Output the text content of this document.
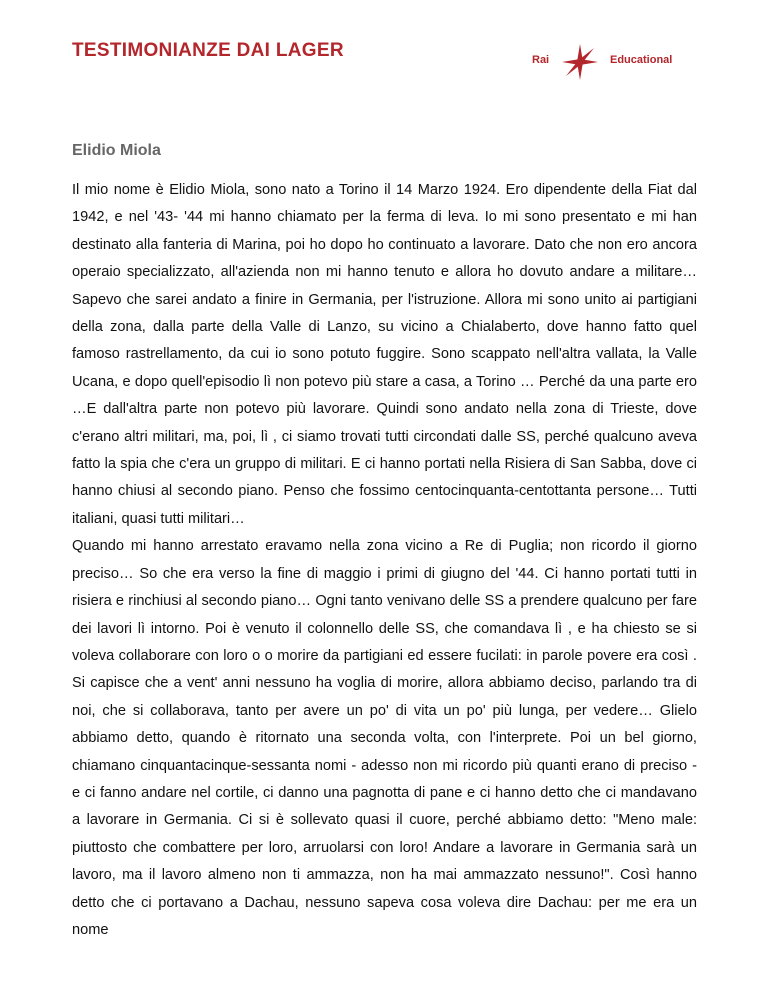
TESTIMONIANZE DAI LAGER	Rai	Educational
Elidio Miola

Il mio nome è Elidio Miola, sono nato a Torino il 14 Marzo 1924. Ero dipendente della Fiat dal 1942, e nel '43- '44 mi hanno chiamato per la ferma di leva. Io mi sono presentato e mi han destinato alla fanteria di Marina, poi ho dopo ho continuato a lavorare. Dato che non ero ancora operaio specializzato, all'azienda non mi hanno tenuto e allora ho dovuto andare a militare… Sapevo che sarei andato a finire in Germania, per l'istruzione. Allora mi sono unito ai partigiani della zona, dalla parte della Valle di Lanzo, su vicino a Chialaberto, dove hanno fatto quel famoso rastrellamento, da cui io sono potuto fuggire. Sono scappato nell'altra vallata, la Valle Ucana, e dopo quell'episodio lì non potevo più stare a casa, a Torino … Perché da una parte ero …E dall'altra parte non potevo più lavorare. Quindi sono andato nella zona di Trieste, dove c'erano altri militari, ma, poi, lì , ci siamo trovati tutti circondati dalle SS, perché qualcuno aveva fatto la spia che c'era un gruppo di militari. E ci hanno portati nella Risiera di San Sabba, dove ci hanno chiusi al secondo piano. Penso che fossimo centocinquanta-centottanta persone… Tutti italiani, quasi tutti militari…

Quando mi hanno arrestato eravamo nella zona vicino a Re di Puglia; non ricordo il giorno preciso… So che era verso la fine di maggio i primi di giugno del '44. Ci hanno portati tutti in risiera e rinchiusi al secondo piano… Ogni tanto venivano delle SS a prendere qualcuno per fare dei lavori lì intorno. Poi è venuto il colonnello delle SS, che comandava lì , e ha chiesto se si voleva collaborare con loro o o morire da partigiani ed essere fucilati: in parole povere era così . Si capisce che a vent' anni nessuno ha voglia di morire, allora abbiamo deciso, parlando tra di noi, che si collaborava, tanto per avere un po' di vita un po' più lunga, per vedere… Glielo abbiamo detto, quando è ritornato una seconda volta, con l'interprete. Poi un bel giorno, chiamano cinquantacinque-sessanta nomi - adesso non mi ricordo più quanti erano di preciso - e ci fanno andare nel cortile, ci danno una pagnotta di pane e ci hanno detto che ci mandavano a lavorare in Germania. Ci si è sollevato quasi il cuore, perché abbiamo detto: "Meno male: piuttosto che combattere per loro, arruolarsi con loro! Andare a lavorare in Germania sarà un lavoro, ma il lavoro almeno non ti ammazza, non ha mai ammazzato nessuno!". Così hanno detto che ci portavano a Dachau, nessuno sapeva cosa voleva dire Dachau: per me era un nome
